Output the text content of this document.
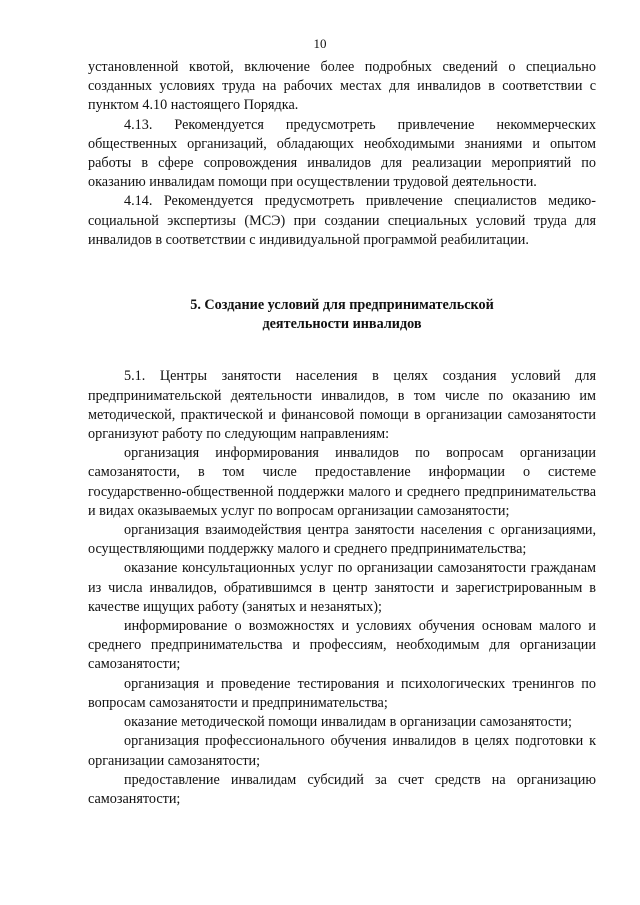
10

установленной квотой, включение более подробных сведений о специально созданных условиях труда на рабочих местах для инвалидов в соответствии с пунктом 4.10 настоящего Порядка.

4.13. Рекомендуется предусмотреть привлечение некоммерческих общественных организаций, обладающих необходимыми знаниями и опытом работы в сфере сопровождения инвалидов для реализации мероприятий по оказанию инвалидам помощи при осуществлении трудовой деятельности.

4.14. Рекомендуется предусмотреть привлечение специалистов медико-социальной экспертизы (МСЭ) при создании специальных условий труда для инвалидов в соответствии с индивидуальной программой реабилитации.

5. Создание условий для предпринимательской
деятельности инвалидов

5.1. Центры занятости населения в целях создания условий для предпринимательской деятельности инвалидов, в том числе по оказанию им методической, практической и финансовой помощи в организации самозанятости организуют работу по следующим направлениям:

организация информирования инвалидов по вопросам организации самозанятости, в том числе предоставление информации о системе государственно-общественной поддержки малого и среднего предпринимательства и видах оказываемых услуг по вопросам организации самозанятости;

организация взаимодействия центра занятости населения с организациями, осуществляющими поддержку малого и среднего предпринимательства;

оказание консультационных услуг по организации самозанятости гражданам из числа инвалидов, обратившимся в центр занятости и зарегистрированным в качестве ищущих работу (занятых и незанятых);

информирование о возможностях и условиях обучения основам малого и среднего предпринимательства и профессиям, необходимым для организации самозанятости;

организация и проведение тестирования и психологических тренингов по вопросам самозанятости и предпринимательства;

оказание методической помощи инвалидам в организации самозанятости;

организация профессионального обучения инвалидов в целях подготовки к организации самозанятости;

предоставление инвалидам субсидий за счет средств на организацию самозанятости;
